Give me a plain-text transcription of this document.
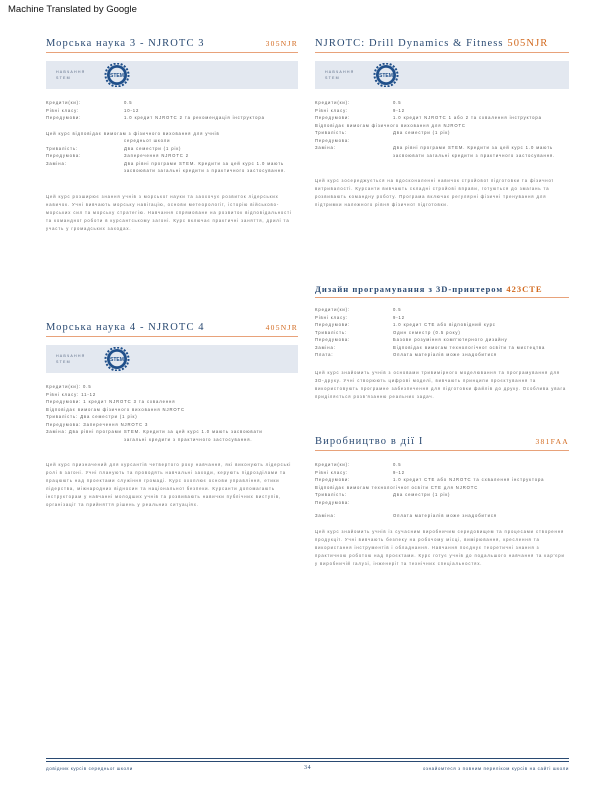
Machine Translated by Google
Морська наука 3 - NJROTC 3	305NJR
НАВЧАННЯ STEM	STEM
Кредити(ки):	0.5
Рівні класу:	10-12
Передумови:	1.0 кредит NJROTC 2 та рекомендація інструктора
Цей курс відповідає вимогам з фізичного виховання для учнів
середньої школи
Тривалість:	Два семестри (1 рік)
Передумова:	Заперечення NJROTC 2
Заміна:	Два рівні програми STEM. Кредити за цей курс 1.0 мають
засвоювати загальні кредити з практичного застосування.
Цей курс розширює знання учнів з морської науки та заохочує розвиток лідерських навичок. Учні вивчають морську навігацію, основи метеорології, історію військово-морських сил та морську стратегію. Навчання спрямоване на розвиток відповідальності та командної роботи в курсантському загоні. Курс включає практичні заняття, дрилі та участь у громадських заходах.
Морська наука 4 - NJROTC 4	405NJR
НАВЧАННЯ STEM	STEM
Кредити(ки): 0.5
Рівні класу: 11-12
Передумови: 1 кредит NJROTC 3 та схвалення
Відповідає вимогам фізичного виховання NJROTC
Тривалість: Два семестри (1 рік)
Передумова: Заперечення NJROTC 3
Заміна: Два рівні програми STEM. Кредити за цей курс 1.0 мають засвоювати
загальні кредити з практичного застосування.
Цей курс призначений для курсантів четвертого року навчання, які виконують лідерські ролі в загоні. Учні планують та проводять навчальні заходи, керують підрозділами та працюють над проектами служіння громаді. Курс охоплює основи управління, етики лідерства, міжнародних відносин та національної безпеки. Курсанти допомагають інструкторам у навчанні молодших учнів та розвивають навички публічних виступів, організації та прийняття рішень у реальних ситуаціях.
NJROTC: Drill Dynamics & Fitness 505NJR
НАВЧАННЯ STEM	STEM
Кредити(ки):	0.5
Рівні класу:	9-12
Передумови:	1.0 кредит NJROTC 1 або 2 та схвалення інструктора
Відповідає вимогам фізичного виховання для NJROTC
Тривалість:	Два семестри (1 рік)
Передумова:
Заміна:	Два рівні програми STEM. Кредити за цей курс 1.0 мають
засвоювати загальні кредити з практичного застосування.
Цей курс зосереджується на вдосконаленні навичок стройової підготовки та фізичної витривалості. Курсанти вивчають складні стройові вправи, готуються до змагань та розвивають командну роботу. Програма включає регулярні фізичні тренування для підтримки належного рівня фізичної підготовки.
Дизайн програмування з 3D-принтером 423CTE
Кредити(ки):	0.5
Рівні класу:	9-12
Передумови:	1.0 кредит CTE або відповідний курс
Тривалість:	Один семестр (0.5 року)
Передумова:	Базове розуміння комп'ютерного дизайну
Заміна:	Відповідає вимогам технологічної освіти та мистецтва
Плата:	Оплата матеріалів може знадобитися
Цей курс знайомить учнів з основами тривимірного моделювання та програмування для 3D-друку. Учні створюють цифрові моделі, вивчають принципи проєктування та використовують програмне забезпечення для підготовки файлів до друку. Особлива увага приділяється розв'язанню реальних задач.
Виробництво в дії I	381FAA
Кредити(ки):	0.5
Рівні класу:	9-12
Передумови:	1.0 кредит CTE або NJROTC та схвалення інструктора
Відповідає вимогам технологічної освіти CTE для NJROTC
Тривалість:	Два семестри (1 рік)
Передумова:
Заміна:	Оплата матеріалів може знадобитися
Цей курс знайомить учнів із сучасним виробничим середовищем та процесами створення продукції. Учні вивчають безпеку на робочому місці, вимірювання, креслення та використання інструментів і обладнання. Навчання поєднує теоретичні знання з практичною роботою над проєктами. Курс готує учнів до подальшого навчання та кар'єри у виробничій галузі, інженерії та технічних спеціальностях.
довідник курсів середньої школи	34	ознайомтеся з повним переліком курсів на сайті школи
